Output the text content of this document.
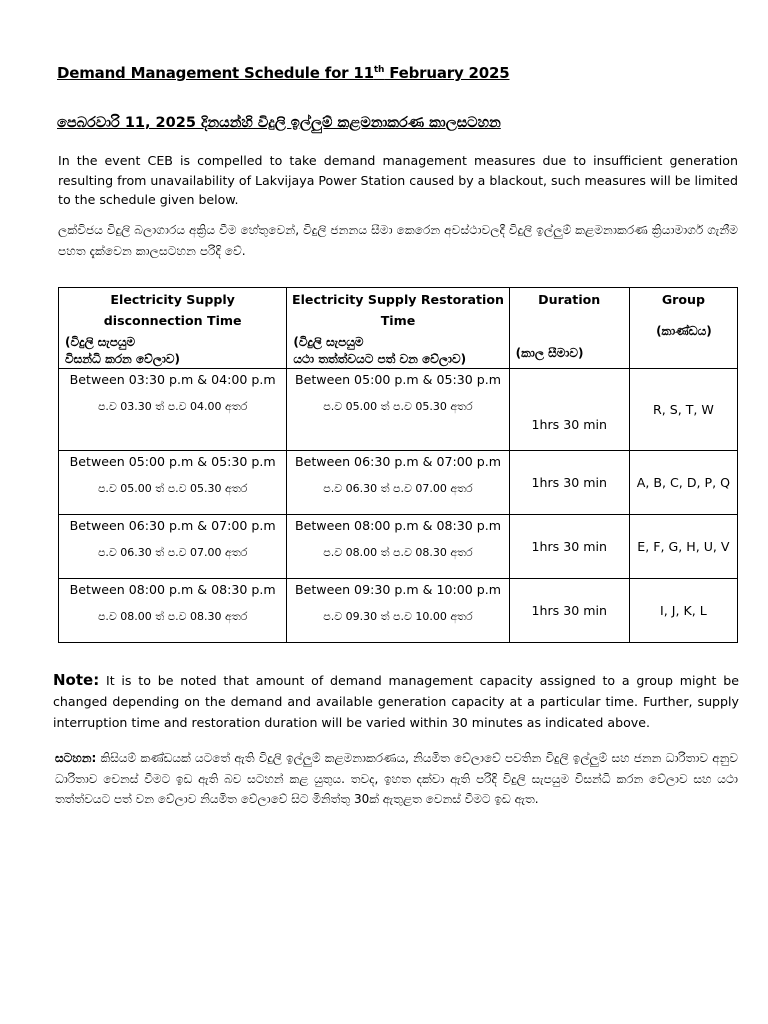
Demand Management Schedule for 11th February 2025
පෙබරවාරි 11, 2025 දිනයන්හි විදුලි ඉල්ලුම් කළමනාකරණ කාලසටහන
In the event CEB is compelled to take demand management measures due to insufficient generation resulting from unavailability of Lakvijaya Power Station caused by a blackout, such measures will be limited to the schedule given below.
ලක්විජය විදුලි බලාගාරය අක්‍රිය වීම හේතුවෙන්, විදුලි ජනනය සීමා කෙරෙන අවස්ථාවලදී විදුලි ඉල්ලුම් කළමනාකරණ ක්‍රියාමාර්ග ගැනීම පහත දැක්වෙන කාලසටහන පරිදි වේ.
Electricity Supply disconnection Time
(විදුලි සැපයුම
විසන්ධි කරන වේලාව)	Electricity Supply Restoration Time
(විදුලි සැපයුම
යථා තත්ත්වයට පත් වන වේලාව)	Duration
(කාල සීමාව)	Group
(කාණ්ඩය)

Between 03:30 p.m & 04:00 p.m
ප.ව 03.30 ත් ප.ව 04.00 අතර	Between 05:00 p.m & 05:30 p.m
ප.ව 05.00 ත් ප.ව 05.30 අතර	1hrs 30 min	R, S, T, W

Between 05:00 p.m & 05:30 p.m
ප.ව 05.00 ත් ප.ව 05.30 අතර	Between 06:30 p.m & 07:00 p.m
ප.ව 06.30 ත් ප.ව 07.00 අතර	1hrs 30 min	A, B, C, D, P, Q

Between 06:30 p.m & 07:00 p.m
ප.ව 06.30 ත් ප.ව 07.00 අතර	Between 08:00 p.m & 08:30 p.m
ප.ව 08.00 ත් ප.ව 08.30 අතර	1hrs 30 min	E, F, G, H, U, V

Between 08:00 p.m & 08:30 p.m
ප.ව 08.00 ත් ප.ව 08.30 අතර	Between 09:30 p.m & 10:00 p.m
ප.ව 09.30 ත් ප.ව 10.00 අතර	1hrs 30 min	I, J, K, L
Note: It is to be noted that amount of demand management capacity assigned to a group might be changed depending on the demand and available generation capacity at a particular time. Further, supply interruption time and restoration duration will be varied within 30 minutes as indicated above.
සටහන: කිසියම් කණ්ඩයක් යටතේ ඇති විදුලි ඉල්ලුම් කළමනාකරණය, නියමිත වේලාවේ පවතින විදුලි ඉල්ලුම් සහ ජනන ධාරිතාව අනුව ධාරිතාව වෙනස් වීමට ඉඩ ඇති බව සටහන් කළ යුතුය. තවද, ඉහත දක්වා ඇති පරිදි විදුලි සැපයුම විසන්ධි කරන වේලාව සහ යථා තත්ත්වයට පත් වන වේලාව නියමිත වේලාවේ සිට මිනිත්තු 30ක් ඇතුළත වෙනස් වීමට ඉඩ ඇත.
